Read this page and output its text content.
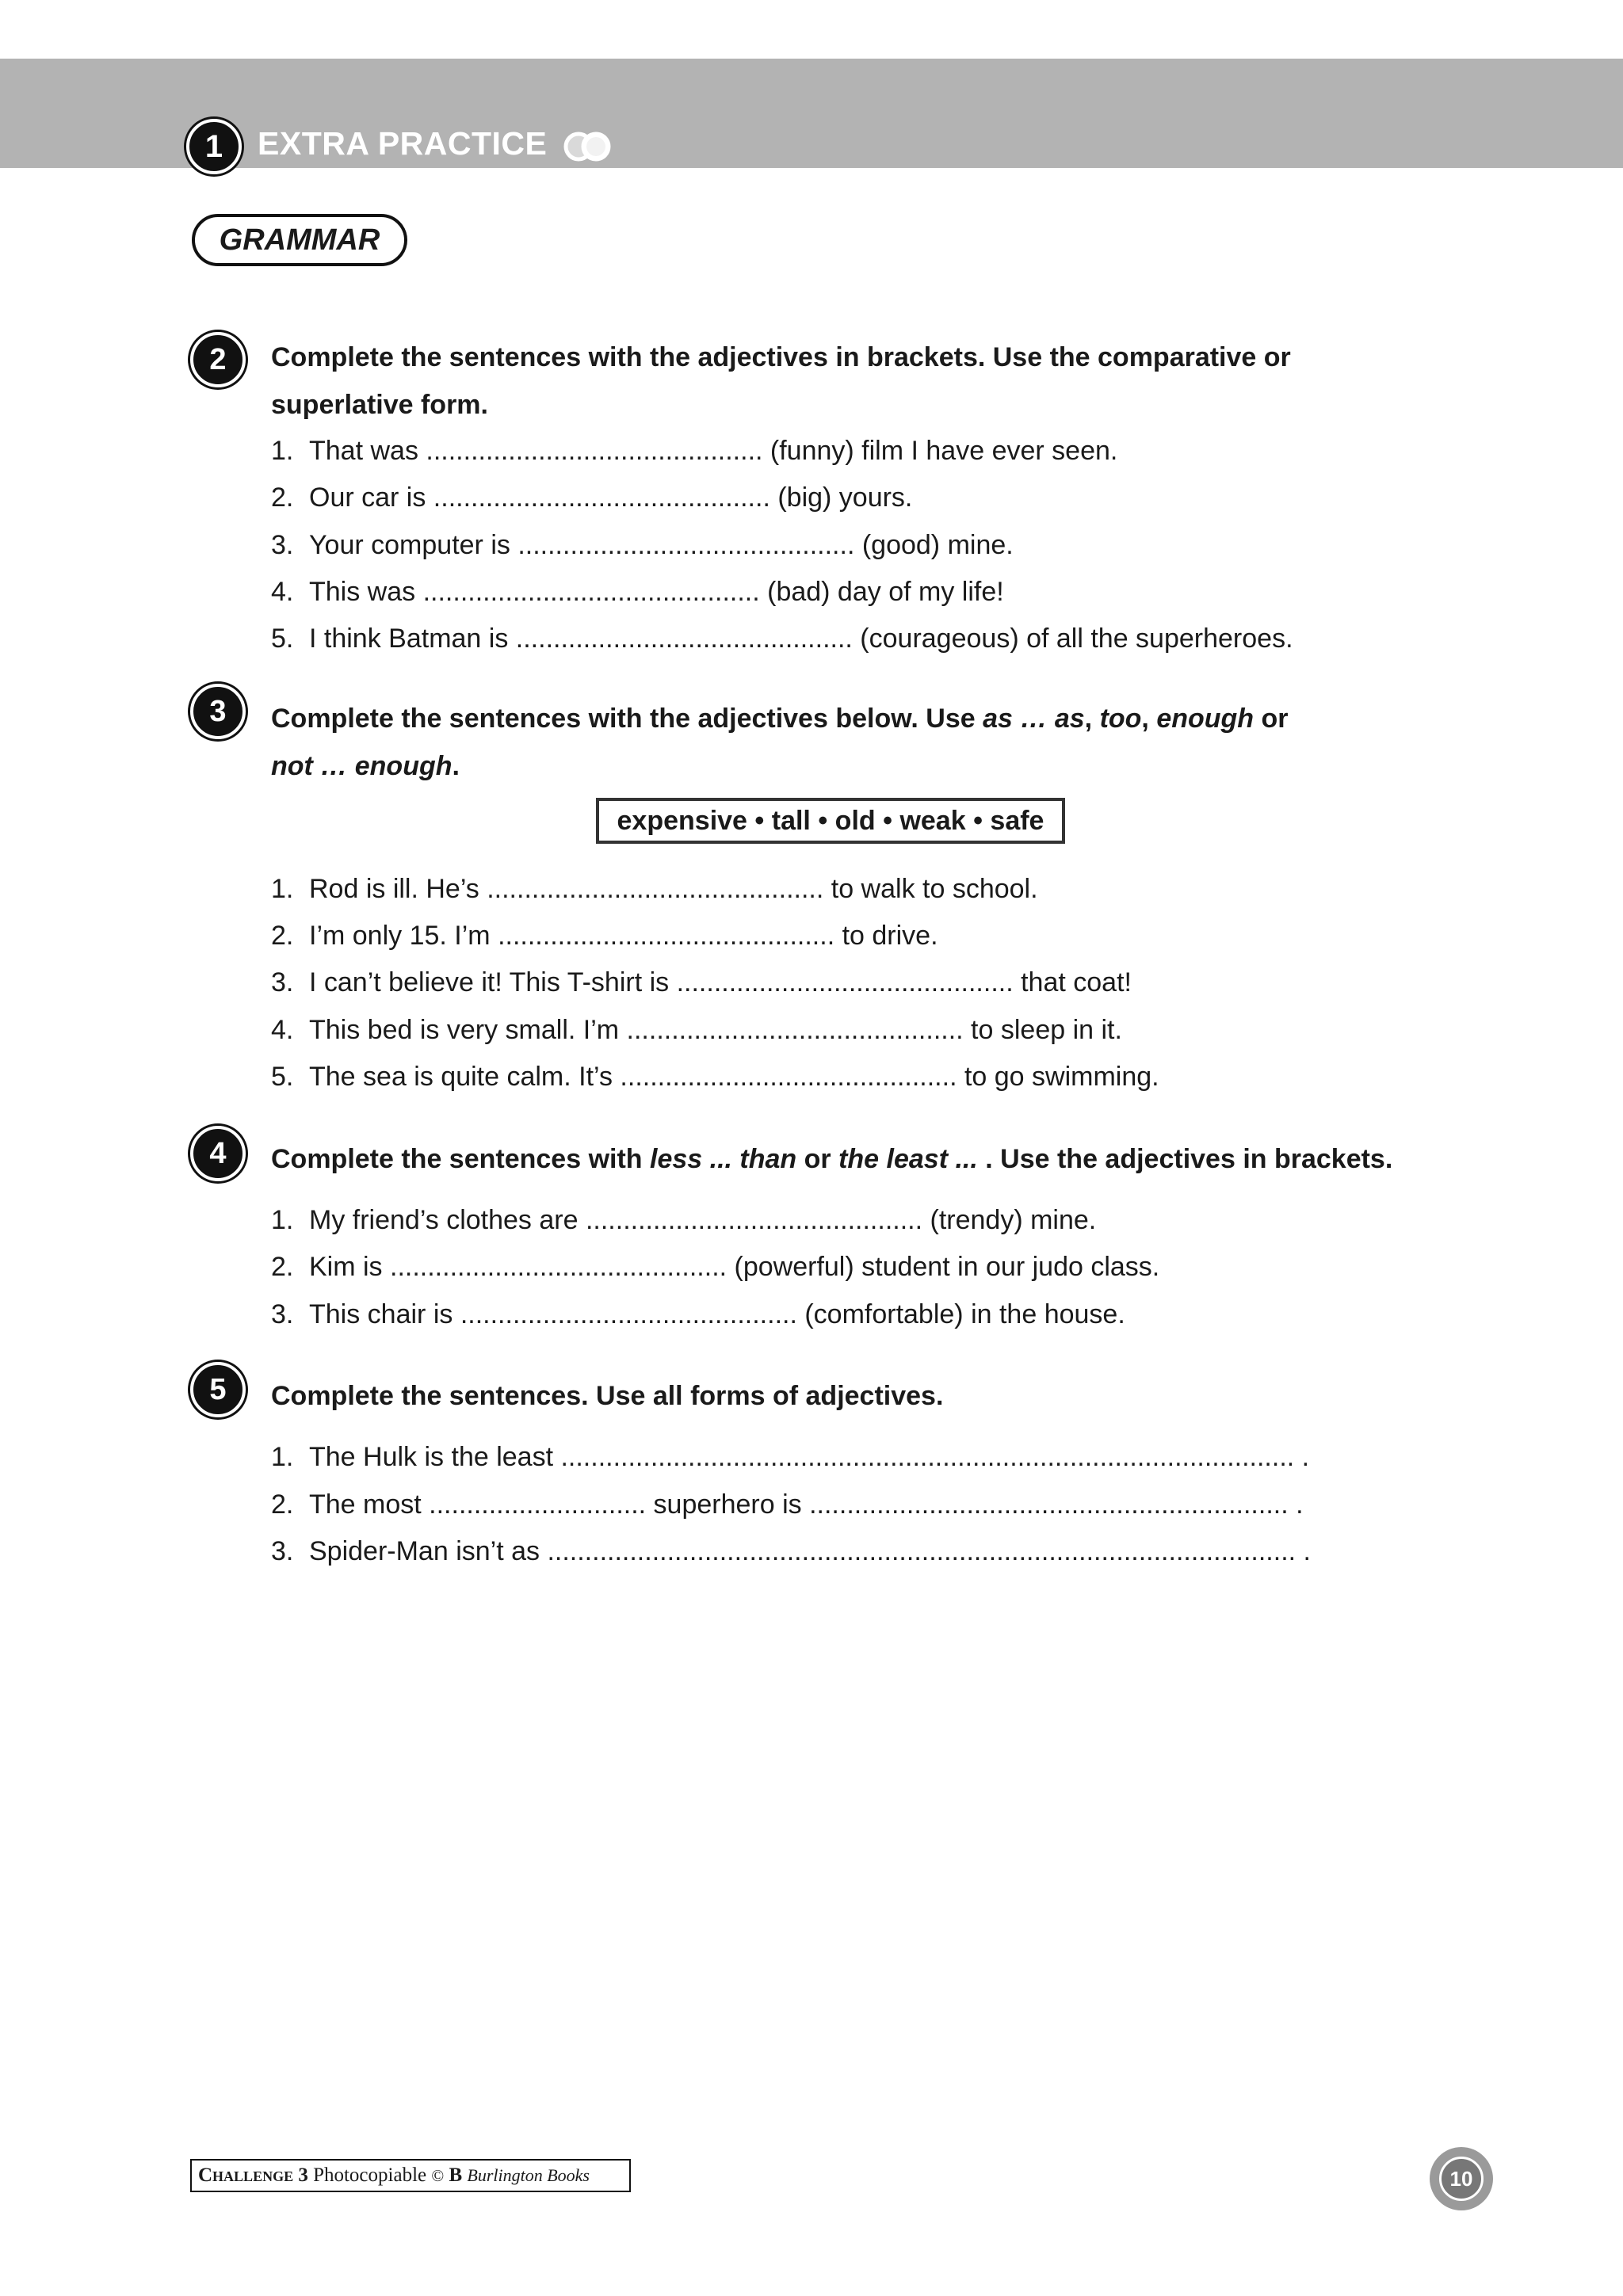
1	EXTRA PRACTICE
GRAMMAR
2	Complete the sentences with the adjectives in brackets. Use the comparative or
superlative form.

1. That was ............................................. (funny) film I have ever seen.
2. Our car is ............................................. (big) yours.
3. Your computer is ............................................. (good) mine.
4. This was ............................................. (bad) day of my life!
5. I think Batman is ............................................. (courageous) of all the superheroes.
3	Complete the sentences with the adjectives below. Use as … as, too, enough or
not … enough.

expensive • tall • old • weak • safe
1. Rod is ill. He’s ............................................. to walk to school.
2. I’m only 15. I’m ............................................. to drive.
3. I can’t believe it! This T-shirt is ............................................. that coat!
4. This bed is very small. I’m ............................................. to sleep in it.
5. The sea is quite calm. It’s ............................................. to go swimming.
4	Complete the sentences with less ... than or the least ... . Use the adjectives in brackets.

1. My friend’s clothes are ............................................. (trendy) mine.
2. Kim is ............................................. (powerful) student in our judo class.
3. This chair is ............................................. (comfortable) in the house.
5	Complete the sentences. Use all forms of adjectives.

1. The Hulk is the least .................................................................................................. .
2. The most ............................. superhero is ................................................................ .
3. Spider-Man isn’t as .................................................................................................... .
Challenge 3
Photocopiable
©
B
Burlington Books	10
